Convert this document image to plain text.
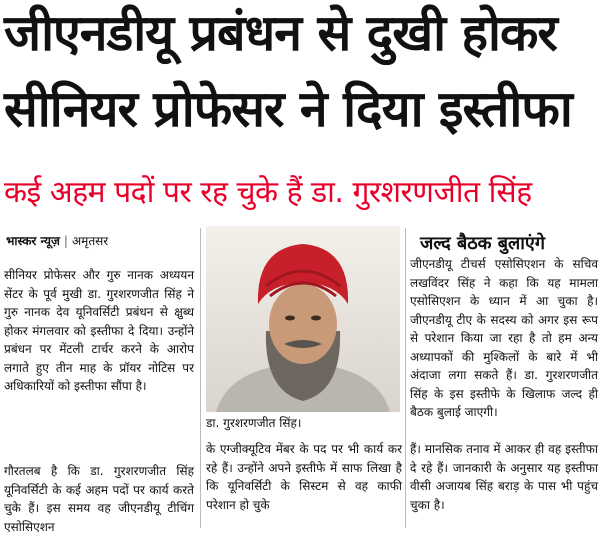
जीएनडीयू प्रबंधन से दुखी होकर
सीनियर प्रोफेसर ने दिया इस्तीफा
कई अहम पदों पर रह चुके हैं डा. गुरशरणजीत सिंह
भास्कर न्यूज़ | अमृतसर
सीनियर प्रोफेसर और गुरु नानक अध्ययन सेंटर के पूर्व मुखी डा. गुरशरणजीत सिंह ने गुरु नानक देव यूनिवर्सिटी प्रबंधन से क्षुब्ध होकर मंगलवार को इस्तीफा दे दिया। उन्होंने प्रबंधन पर मेंटली टार्चर करने के आरोप लगाते हुए तीन माह के प्रॉयर नोटिस पर अधिकारियों को इस्तीफा सौंपा है।
गौरतलब है कि डा. गुरशरणजीत सिंह यूनिवर्सिटी के कई अहम पदों पर कार्य करते चुके हैं। इस समय वह जीएनडीयू टीचिंग एसोसिएशन
डा. गुरशरणजीत सिंह।
के एग्जीक्यूटिव मेंबर के पद पर भी कार्य कर रहे हैं। उन्होंने अपने इस्तीफे में साफ लिखा है कि यूनिवर्सिटी के सिस्टम से वह काफी परेशान हो चुके
जल्द बैठक बुलाएंगे
जीएनडीयू टीचर्स एसोसिएशन के सचिव लखविंदर सिंह ने कहा कि यह मामला एसोसिएशन के ध्यान में आ चुका है। जीएनडीयू टीए के सदस्य को अगर इस रूप से परेशान किया जा रहा है तो हम अन्य अध्यापकों की मुश्किलों के बारे में भी अंदाजा लगा सकते हैं। डा. गुरशरणजीत सिंह के इस इस्तीफे के खिलाफ जल्द ही बैठक बुलाई जाएगी।
हैं। मानसिक तनाव में आकर ही वह इस्तीफा दे रहे हैं। जानकारी के अनुसार यह इस्तीफा वीसी अजायब सिंह बराड़ के पास भी पहुंच चुका है।
